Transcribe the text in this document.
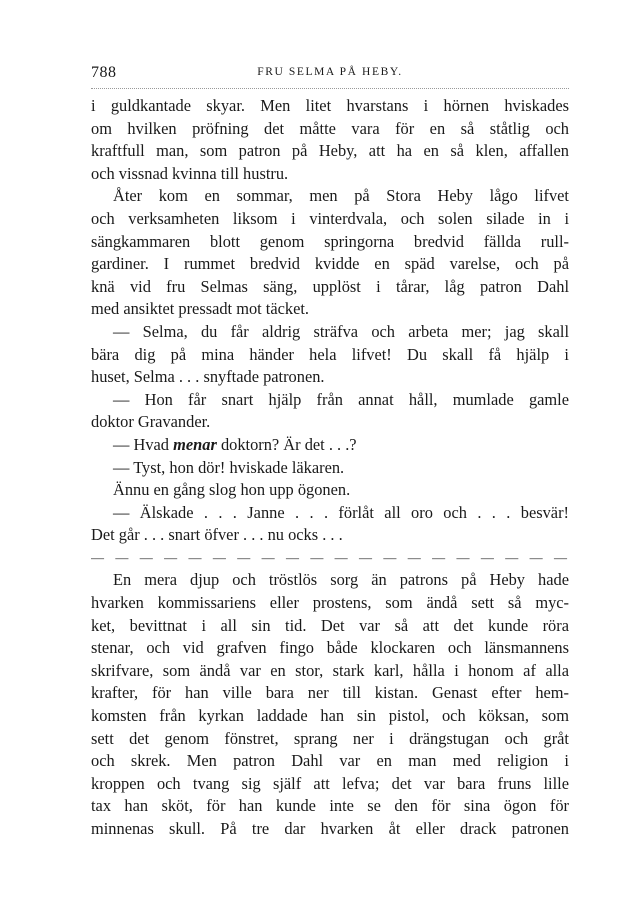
788	FRU SELMA PÅ HEBY.
i guldkantade skyar. Men litet hvarstans i hörnen hviskades
om hvilken pröfning det måtte vara för en så ståtlig och
kraftfull man, som patron på Heby, att ha en så klen, affallen
och vissnad kvinna till hustru.
Åter kom en sommar, men på Stora Heby lågo lifvet
och verksamheten liksom i vinterdvala, och solen silade in i
sängkammaren blott genom springorna bredvid fällda rull-
gardiner. I rummet bredvid kvidde en späd varelse, och på
knä vid fru Selmas säng, upplöst i tårar, låg patron Dahl
med ansiktet pressadt mot täcket.
— Selma, du får aldrig sträfva och arbeta mer; jag skall
bära dig på mina händer hela lifvet! Du skall få hjälp i
huset, Selma . . . snyftade patronen.
— Hon får snart hjälp från annat håll, mumlade gamle
doktor Gravander.
— Hvad menar doktorn? Är det . . .?
— Tyst, hon dör! hviskade läkaren.
Ännu en gång slog hon upp ögonen.
— Älskade . . . Janne . . . förlåt all oro och . . . besvär!
Det går . . . snart öfver . . . nu ocks . . .
— — — — — — — — — — — — — — — — — — — —
En mera djup och tröstlös sorg än patrons på Heby hade
hvarken kommissariens eller prostens, som ändå sett så myc-
ket, bevittnat i all sin tid. Det var så att det kunde röra
stenar, och vid grafven fingo både klockaren och länsmannens
skrifvare, som ändå var en stor, stark karl, hålla i honom af alla
krafter, för han ville bara ner till kistan. Genast efter hem-
komsten från kyrkan laddade han sin pistol, och köksan, som
sett det genom fönstret, sprang ner i drängstugan och gråt
och skrek. Men patron Dahl var en man med religion i
kroppen och tvang sig själf att lefva; det var bara fruns lille
tax han sköt, för han kunde inte se den för sina ögon för
minnenas skull. På tre dar hvarken åt eller drack patronen
